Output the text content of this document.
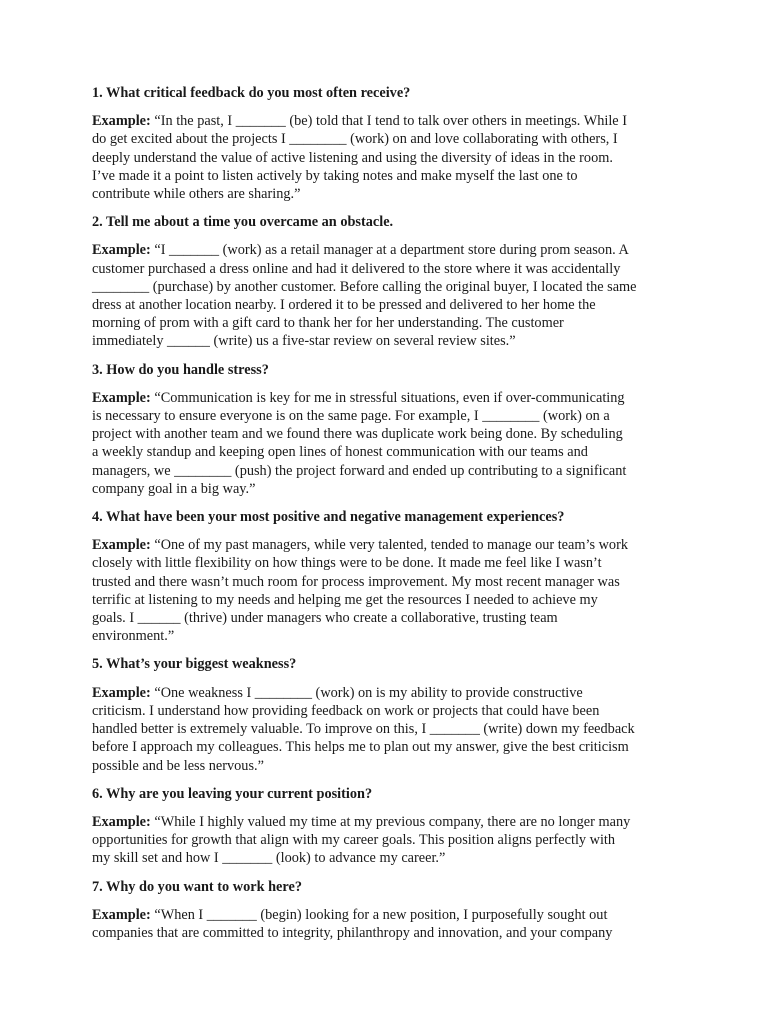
1. What critical feedback do you most often receive?

Example: “In the past, I _______ (be) told that I tend to talk over others in meetings. While I
do get excited about the projects I ________ (work) on and love collaborating with others, I
deeply understand the value of active listening and using the diversity of ideas in the room.
I’ve made it a point to listen actively by taking notes and make myself the last one to
contribute while others are sharing.”

2. Tell me about a time you overcame an obstacle.

Example: “I _______ (work) as a retail manager at a department store during prom season. A
customer purchased a dress online and had it delivered to the store where it was accidentally
________ (purchase) by another customer. Before calling the original buyer, I located the same
dress at another location nearby. I ordered it to be pressed and delivered to her home the
morning of prom with a gift card to thank her for her understanding. The customer
immediately ______ (write) us a five-star review on several review sites.”

3. How do you handle stress?

Example: “Communication is key for me in stressful situations, even if over-communicating
is necessary to ensure everyone is on the same page. For example, I ________ (work) on a
project with another team and we found there was duplicate work being done. By scheduling
a weekly standup and keeping open lines of honest communication with our teams and
managers, we ________ (push) the project forward and ended up contributing to a significant
company goal in a big way.”

4. What have been your most positive and negative management experiences?

Example: “One of my past managers, while very talented, tended to manage our team’s work
closely with little flexibility on how things were to be done. It made me feel like I wasn’t
trusted and there wasn’t much room for process improvement. My most recent manager was
terrific at listening to my needs and helping me get the resources I needed to achieve my
goals. I ______ (thrive) under managers who create a collaborative, trusting team
environment.”

5. What’s your biggest weakness?

Example: “One weakness I ________ (work) on is my ability to provide constructive
criticism. I understand how providing feedback on work or projects that could have been
handled better is extremely valuable. To improve on this, I _______ (write) down my feedback
before I approach my colleagues. This helps me to plan out my answer, give the best criticism
possible and be less nervous.”

6. Why are you leaving your current position?

Example: “While I highly valued my time at my previous company, there are no longer many
opportunities for growth that align with my career goals. This position aligns perfectly with
my skill set and how I _______ (look) to advance my career.”

7. Why do you want to work here?

Example: “When I _______ (begin) looking for a new position, I purposefully sought out
companies that are committed to integrity, philanthropy and innovation, and your company
